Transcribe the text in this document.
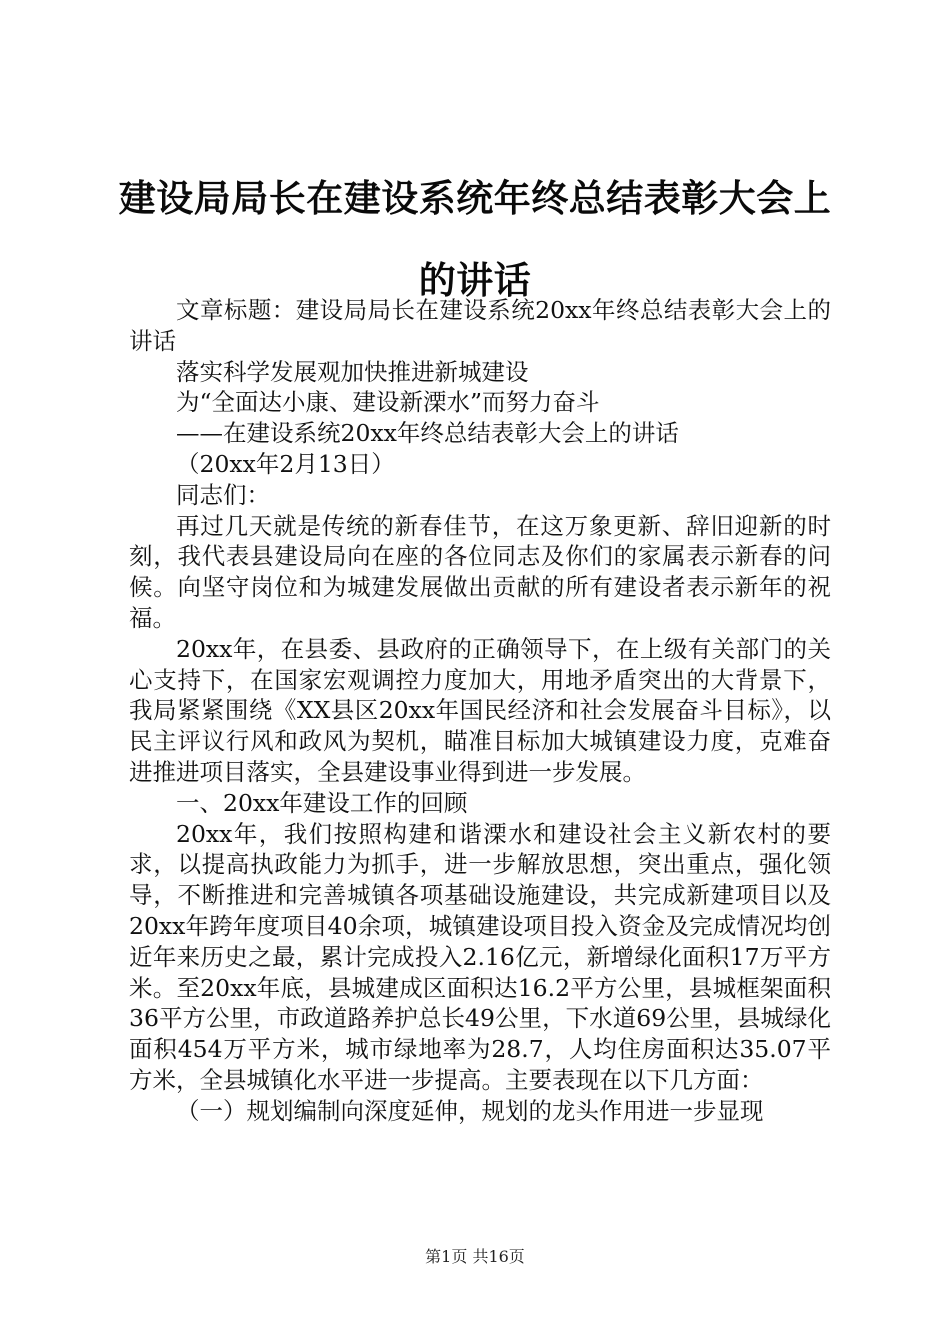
建设局局长在建设系统年终总结表彰大会上的讲话

文章标题：建设局局长在建设系统20xx年终总结表彰大会上的讲话

落实科学发展观加快推进新城建设

为“全面达小康、建设新溧水”而努力奋斗

——在建设系统20xx年终总结表彰大会上的讲话

（20xx年2月13日）

同志们：

再过几天就是传统的新春佳节，在这万象更新、辞旧迎新的时刻，我代表县建设局向在座的各位同志及你们的家属表示新春的问候。向坚守岗位和为城建发展做出贡献的所有建设者表示新年的祝福。

20xx年，在县委、县政府的正确领导下，在上级有关部门的关心支持下，在国家宏观调控力度加大，用地矛盾突出的大背景下，我局紧紧围绕《XX县区20xx年国民经济和社会发展奋斗目标》，以民主评议行风和政风为契机，瞄准目标加大城镇建设力度，克难奋进推进项目落实，全县建设事业得到进一步发展。

一、20xx年建设工作的回顾

20xx年，我们按照构建和谐溧水和建设社会主义新农村的要求，以提高执政能力为抓手，进一步解放思想，突出重点，强化领导，不断推进和完善城镇各项基础设施建设，共完成新建项目以及20xx年跨年度项目40余项，城镇建设项目投入资金及完成情况均创近年来历史之最，累计完成投入2.16亿元，新增绿化面积17万平方米。至20xx年底，县城建成区面积达16.2平方公里，县城框架面积36平方公里，市政道路养护总长49公里，下水道69公里，县城绿化面积454万平方米，城市绿地率为28.7，人均住房面积达35.07平方米，全县城镇化水平进一步提高。主要表现在以下几方面：

（一）规划编制向深度延伸，规划的龙头作用进一步显现

第1页 共16页
